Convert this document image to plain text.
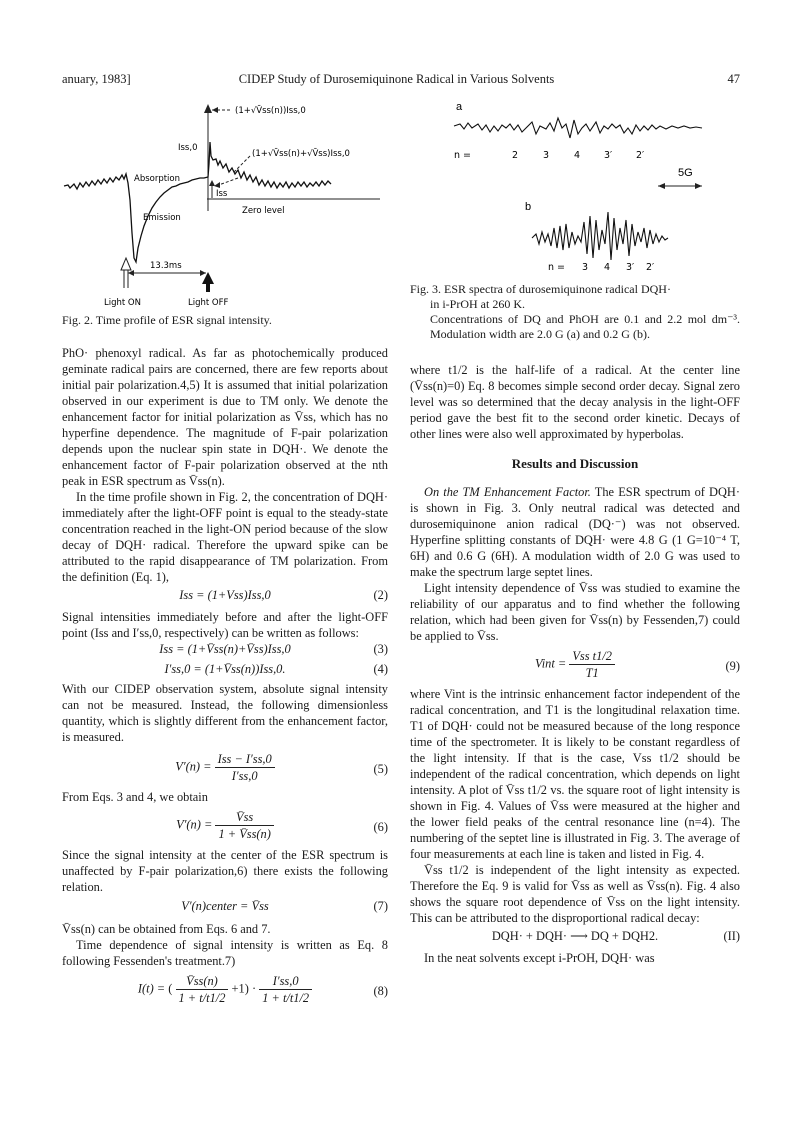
anuary, 1983]	CIDEP Study of Durosemiquinone Radical in Various Solvents	47
(1+√V̄ss(n))Iss,0
Iss,0
(1+√V̄ss(n)+√V̄ss)Iss,0
Absorption
Emission
Zero level
Iss
13.3ms
Light ON	Light OFF
Fig. 2. Time profile of ESR signal intensity.
a
n =	2	3	4	3′	2′
5G
b
n = 3 4 3′ 2′
Fig. 3. ESR spectra of durosemiquinone radical DQH·
in i-PrOH at 260 K.
Concentrations of DQ and PhOH are 0.1 and 2.2 mol dm⁻³. Modulation width are 2.0 G (a) and 0.2 G (b).

PhO· phenoxyl radical. As far as photochemically produced geminate radical pairs are concerned, there are few reports about initial pair polarization.4,5) It is assumed that initial polarization observed in our experiment is due to TM only. We denote the enhancement factor for initial polarization as V̄ss, which has no hyperfine dependence. The magnitude of F-pair polarization depends upon the nuclear spin state in DQH·. We denote the enhancement factor of F-pair polarization observed at the nth peak in ESR spectrum as V̄ss(n).

In the time profile shown in Fig. 2, the concentration of DQH· immediately after the light-OFF point is equal to the steady-state concentration reached in the light-ON period because of the slow decay of DQH· radical. Therefore the upward spike can be attributed to the rapid disappearance of TM polarization. From the definition (Eq. 1),

Iss = (1+Vss)Iss,0	(2)

Signal intensities immediately before and after the light-OFF point (Iss and I′ss,0, respectively) can be written as follows:

Iss = (1+V̄ss(n)+V̄ss)Iss,0	(3)
I′ss,0 = (1+V̄ss(n))Iss,0.	(4)

With our CIDEP observation system, absolute signal intensity can not be measured. Instead, the following dimensionless quantity, which is slightly different from the enhancement factor, is measured.

$V'(n) = \frac{\text{Iss − I′ss,0}}{I'ss,0}$	(5)

From Eqs. 3 and 4, we obtain

$V'(n) = \frac{V̄ss}{1 + V̄ss(n)}$	(6)

Since the signal intensity at the center of the ESR spectrum is unaffected by F-pair polarization,6) there exists the following relation.

V′(n)center = V̄ss	(7)

V̄ss(n) can be obtained from Eqs. 6 and 7.

Time dependence of signal intensity is written as Eq. 8 following Fessenden's treatment.7)

I(t) = ( $\frac{V̄ss(n)}{1 + t/t1/2} +1) \cdot \frac{I'ss,0}{1 + t/t1/2}$	(8)

where t1/2 is the half-life of a radical. At the center line (V̄ss(n)=0) Eq. 8 becomes simple second order decay. Signal zero level was so determined that the decay analysis in the light-OFF period gave the best fit to the second order kinetic. Decays of other lines were also well approximated by hyperbolas.

Results and Discussion

On the TM Enhancement Factor. The ESR spectrum of DQH· is shown in Fig. 3. Only neutral radical was detected and durosemiquinone anion radical (DQ·⁻) was not observed. Hyperfine splitting constants of DQH· were 4.8 G (1 G=10⁻⁴ T, 6H) and 0.6 G (6H). A modulation width of 2.0 G was used to make the spectrum large septet lines.

Light intensity dependence of V̄ss was studied to examine the reliability of our apparatus and to find whether the following relation, which had been given for V̄ss(n) by Fessenden,7) could be applied to V̄ss.

Vint = $\frac{\text{Vss t1/2}}{T1}$	(9)

where Vint is the intrinsic enhancement factor independent of the radical concentration, and T1 is the longitudinal relaxation time. T1 of DQH· could not be measured because of the long responce time of the spectrometer. It is likely to be constant regardless of the light intensity. If that is the case, Vss t1/2 should be independent of the radical concentration, which depends on light intensity. A plot of V̄ss t1/2 vs. the square root of light intensity is shown in Fig. 4. Values of V̄ss were measured at the higher and the lower field peaks of the central resonance line (n=4). The numbering of the septet line is illustrated in Fig. 3. The average of four measurements at each line is taken and listed in Fig. 4.

V̄ss t1/2 is independent of the light intensity as expected. Therefore the Eq. 9 is valid for V̄ss as well as V̄ss(n). Fig. 4 also shows the square root dependence of V̄ss on the light intensity. This can be attributed to the disproportional radical decay:

DQH· + DQH· ⟶ DQ + DQH2.	(II)

In the neat solvents except i-PrOH, DQH· was
